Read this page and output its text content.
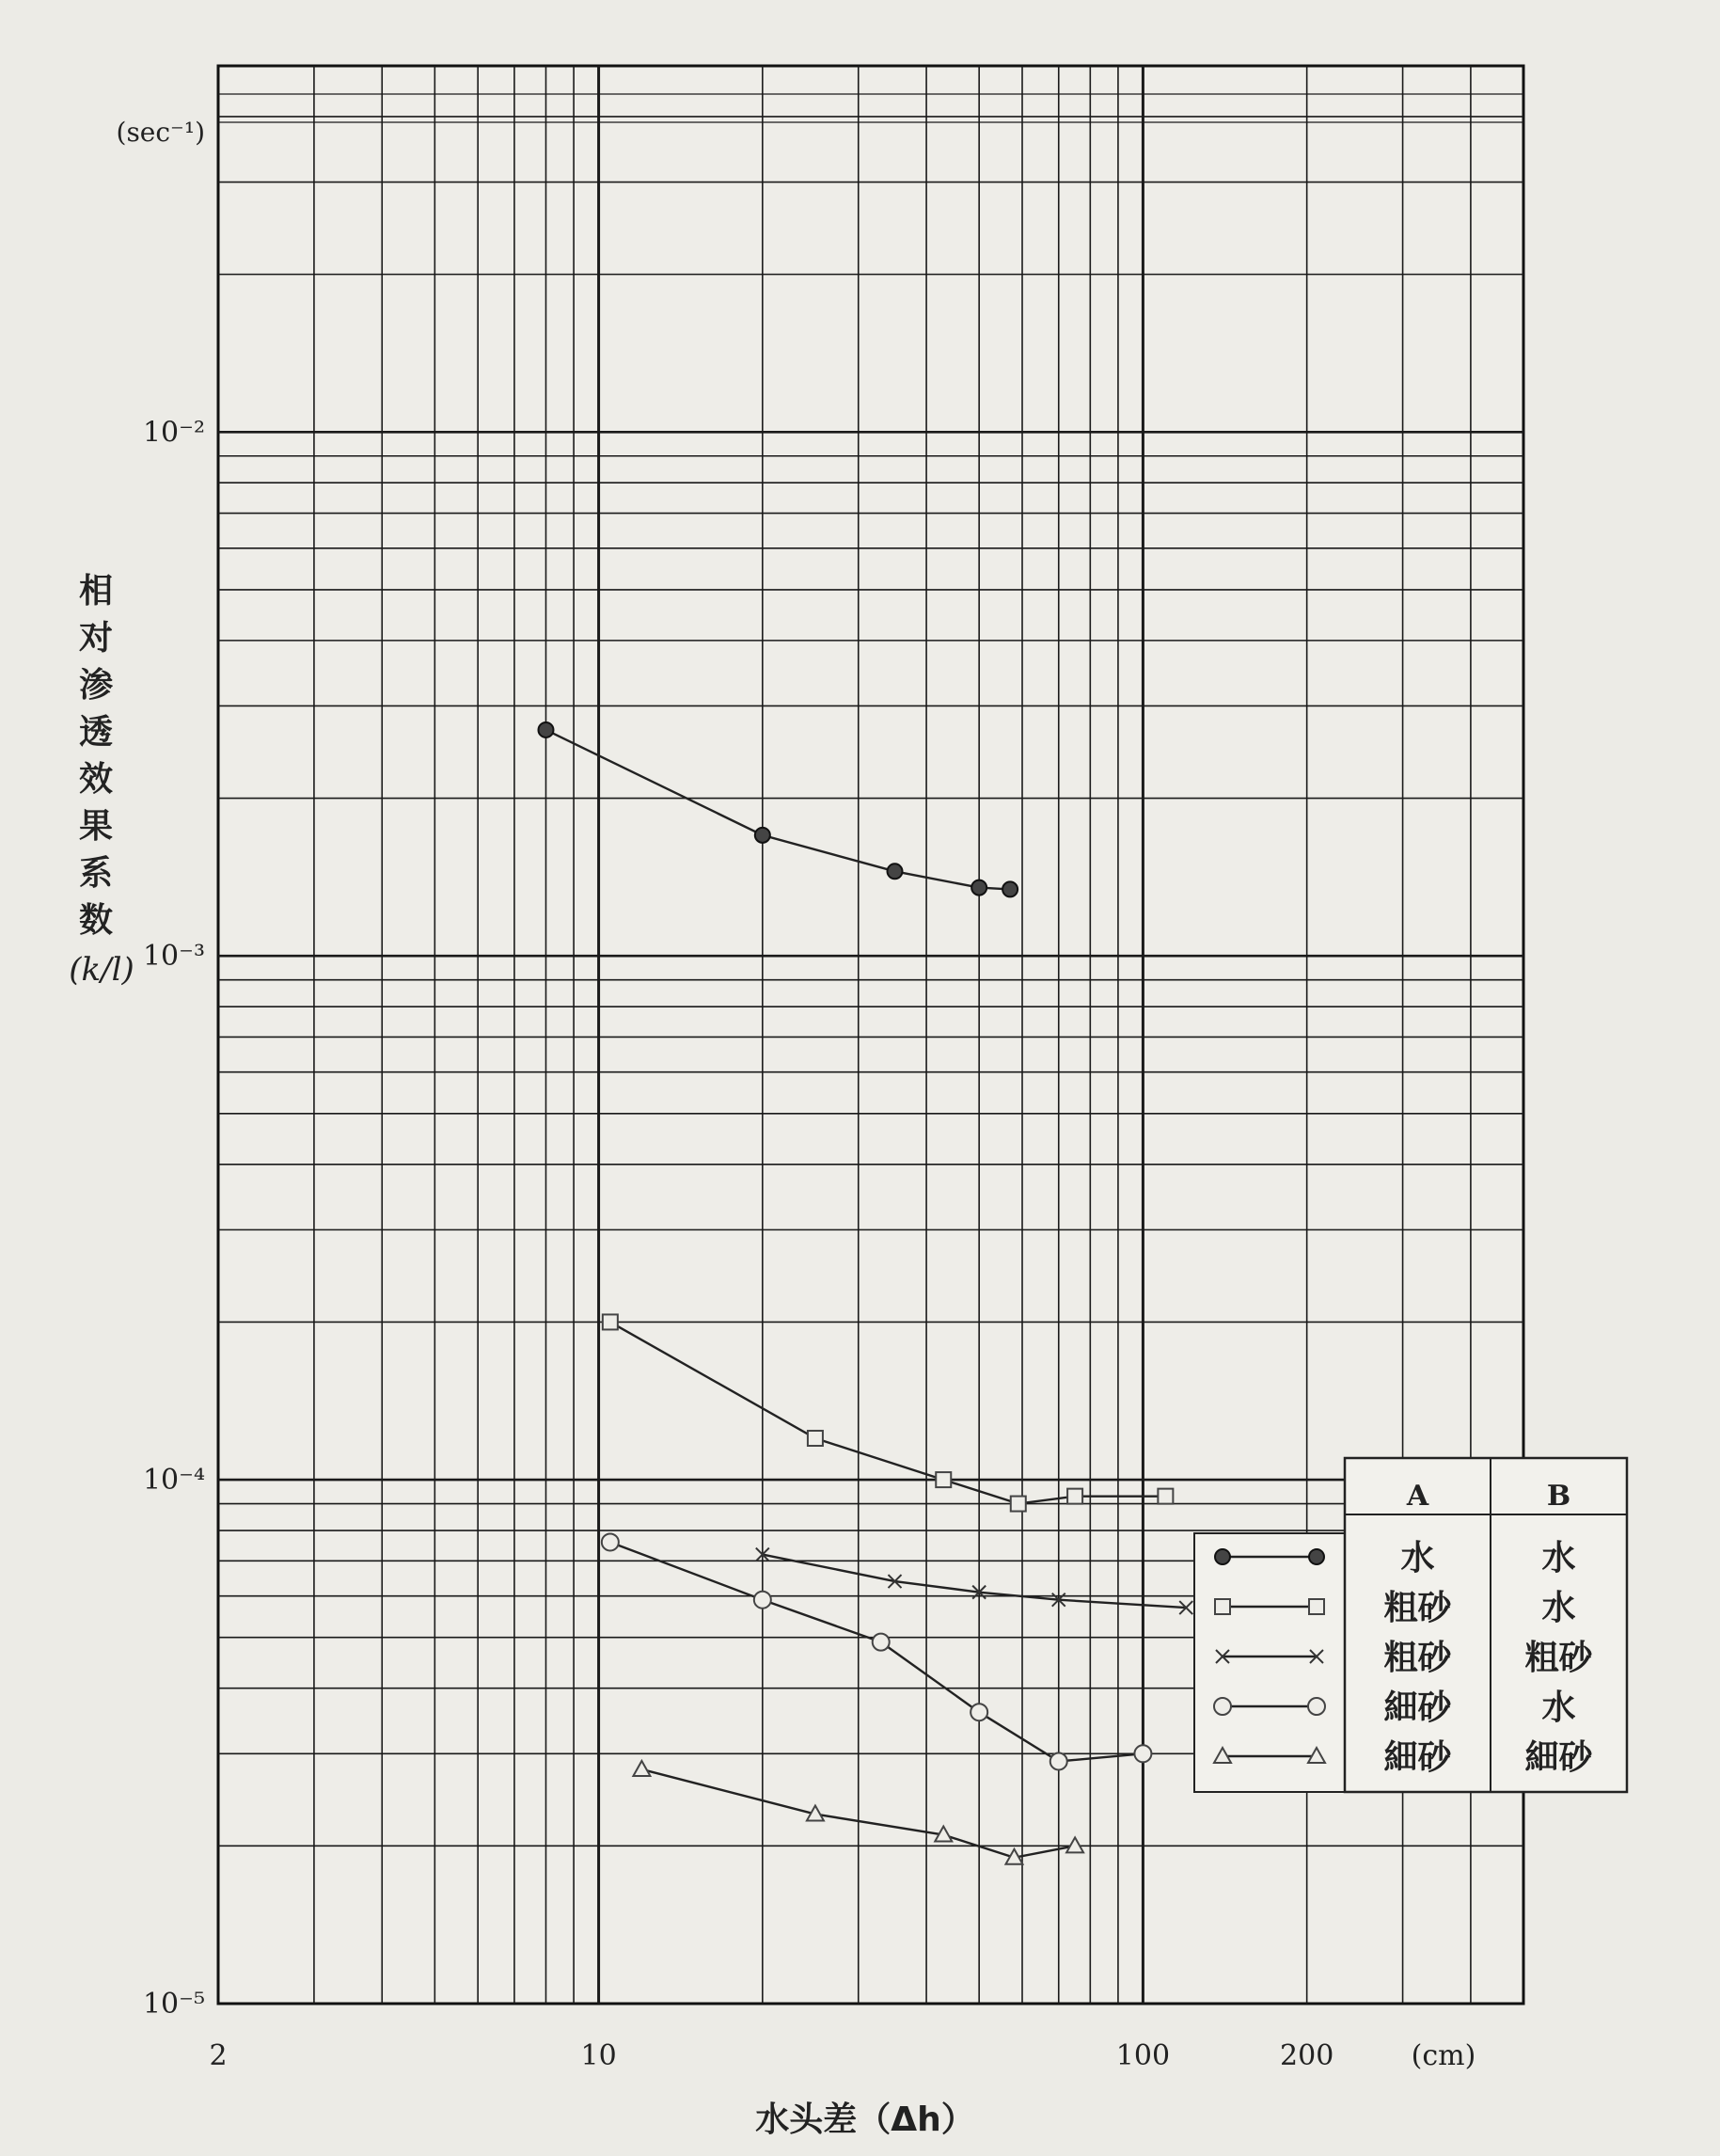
2	10	100	200
10⁻²
10⁻³
10⁻⁴
10⁻⁵
(sec⁻¹)
(cm)
水头差（Δh）
相
对
渗
透
效
果
系
数
(k/l)
A	B
水	水
粗砂	水
粗砂 粗砂
細砂	水
細砂 細砂
